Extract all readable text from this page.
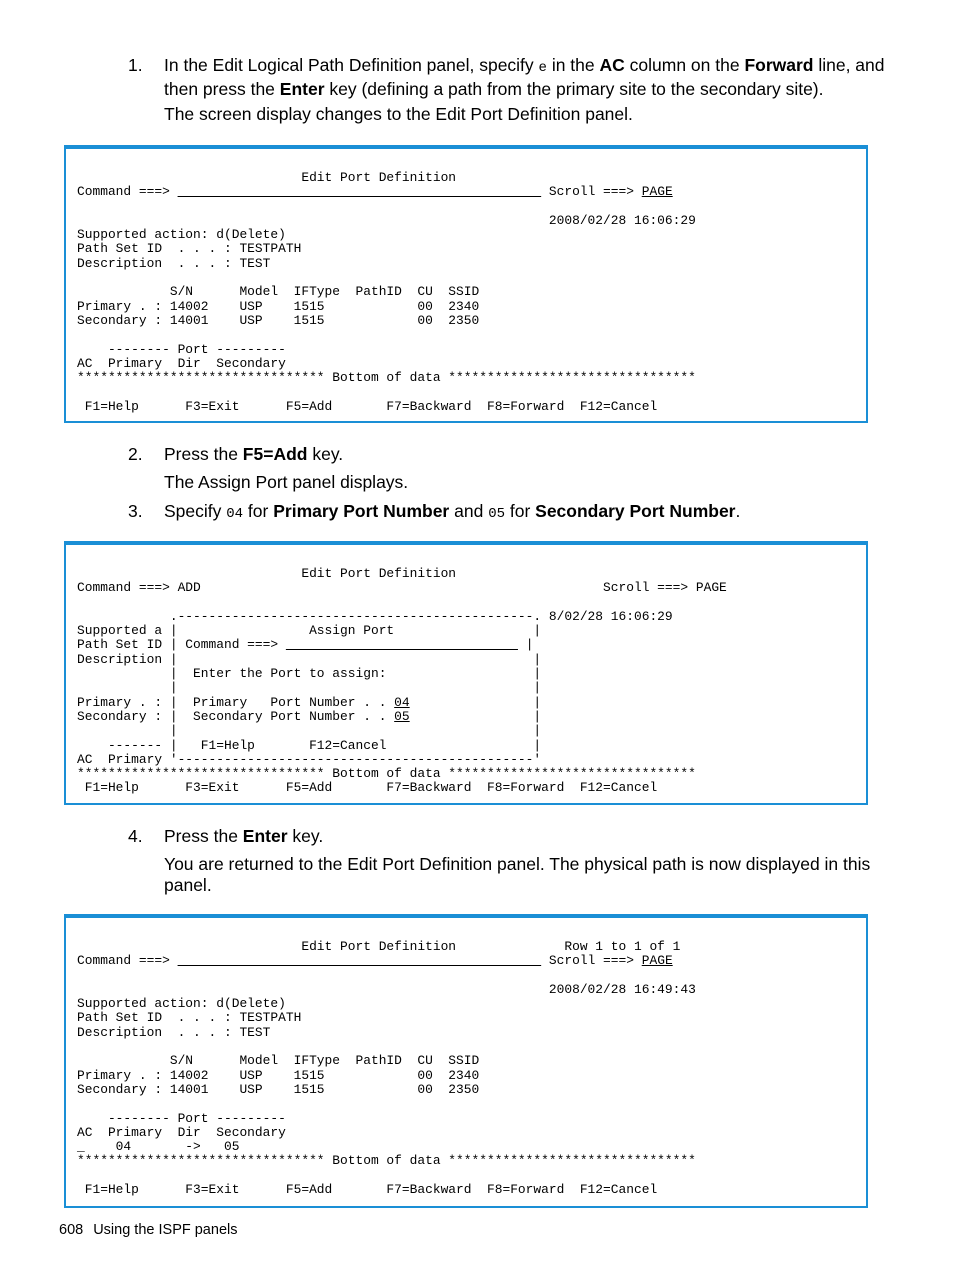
1. In the Edit Logical Path Definition panel, specify e in the AC column on the Forward line, and then press the Enter key (defining a path from the primary site to the secondary site).
The screen display changes to the Edit Port Definition panel.
Edit Port Definition
Command ===>	Scroll ===> PAGE

2008/02/28 16:06:29
Supported action: d(Delete)
Path Set ID  . . . : TESTPATH
Description  . . . : TEST

S/N      Model  IFType  PathID  CU  SSID
Primary . : 14002    USP    1515            00  2340
Secondary : 14001    USP    1515            00  2350

-------- Port ---------
AC  Primary  Dir  Secondary
******************************** Bottom of data ********************************

F1=Help      F3=Exit      F5=Add       F7=Backward  F8=Forward  F12=Cancel
2. Press the F5=Add key.
The Assign Port panel displays.
3. Specify 04 for Primary Port Number and 05 for Secondary Port Number.
Edit Port Definition
Command ===> ADD                                                    Scroll ===> PAGE

.----------------------------------------------. 8/02/28 16:06:29
Supported a |                 Assign Port                  |
Path Set ID | Command ===>	|
Description |                                              |
|  Enter the Port to assign:                   |
|                                              |
Primary . : |  Primary   Port Number . . 04	|
Secondary : |  Secondary Port Number . . 05	|
|                                              |
------- |   F1=Help       F12=Cancel                   |
AC  Primary '----------------------------------------------'
******************************** Bottom of data ********************************
F1=Help      F3=Exit      F5=Add       F7=Backward  F8=Forward  F12=Cancel
4. Press the Enter key.
You are returned to the Edit Port Definition panel. The physical path is now displayed in this panel.
Edit Port Definition              Row 1 to 1 of 1
Command ===>	Scroll ===> PAGE

2008/02/28 16:49:43
Supported action: d(Delete)
Path Set ID  . . . : TESTPATH
Description  . . . : TEST

S/N      Model  IFType  PathID  CU  SSID
Primary . : 14002    USP    1515            00  2340
Secondary : 14001    USP    1515            00  2350

-------- Port ---------
AC  Primary  Dir  Secondary
_    04       ->   05
******************************** Bottom of data ********************************

F1=Help      F3=Exit      F5=Add       F7=Backward  F8=Forward  F12=Cancel
608 Using the ISPF panels
